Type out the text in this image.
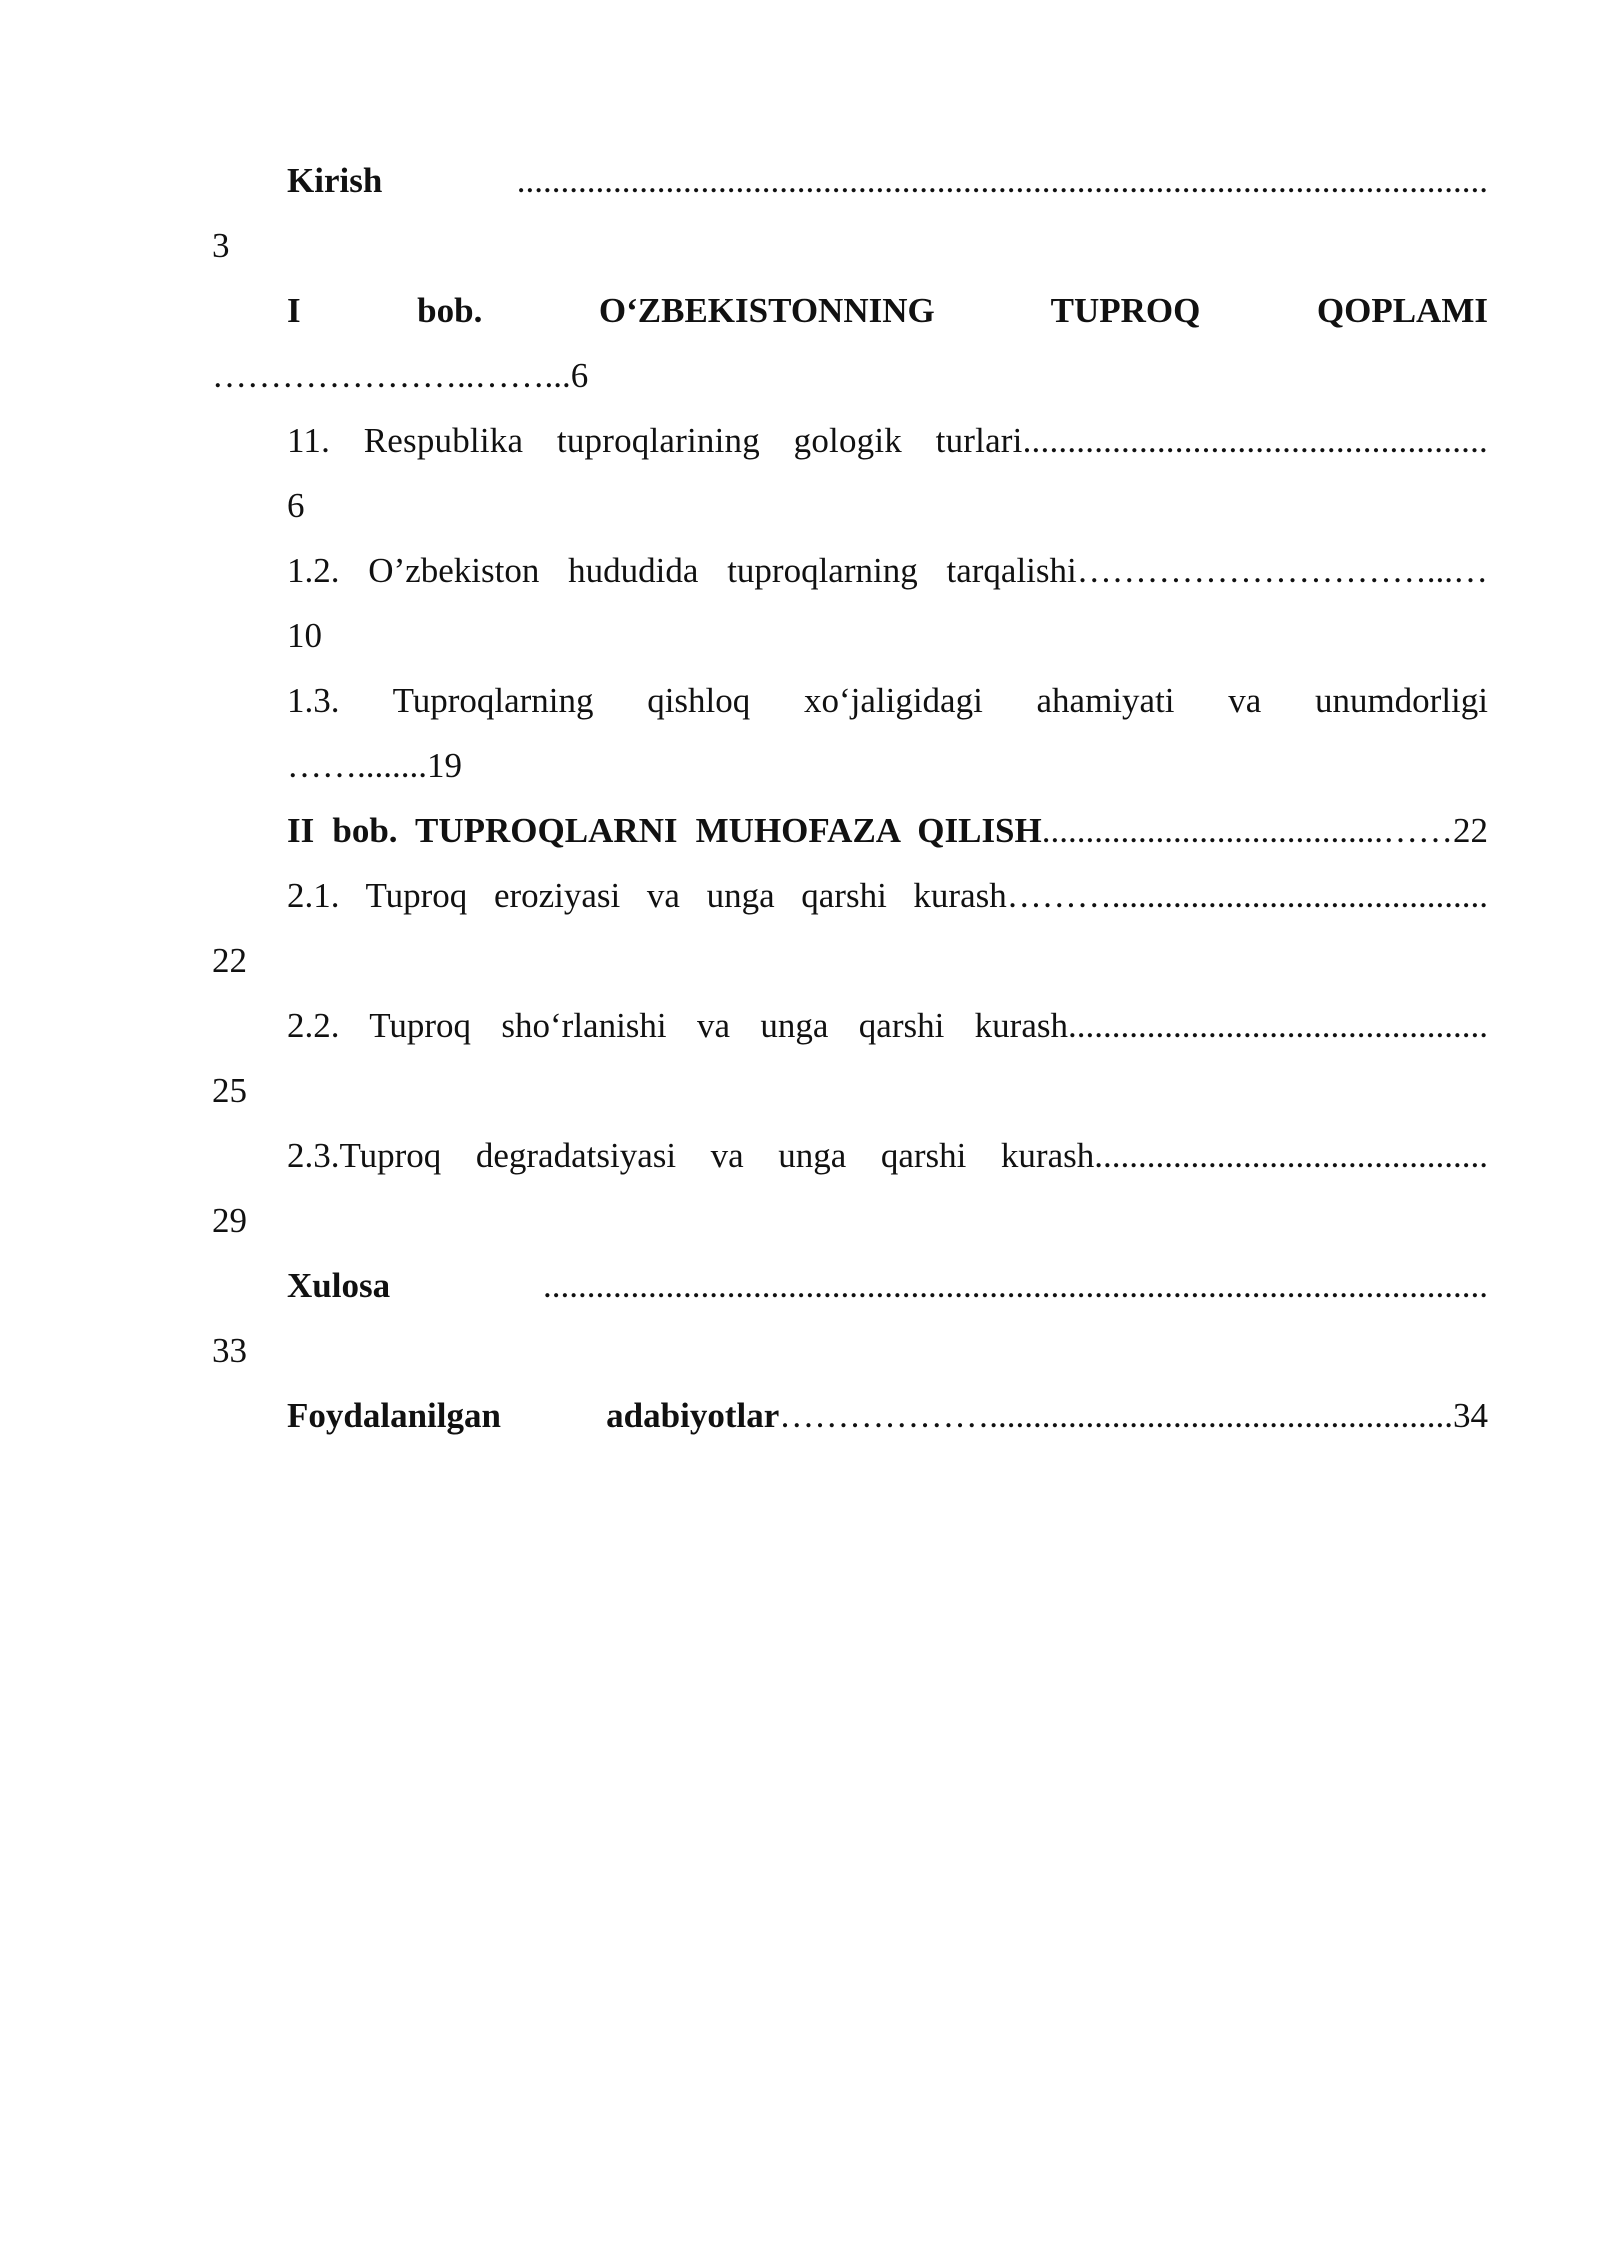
Kirish	...............................................................................................................
3
I bob. O‘ZBEKISTONNING TUPROQ QOPLAMI
…………………..……...6
11. Respublika tuproqlarining gologik turlari....................................................
6
1.2. O’zbekiston hududida tuproqlarning tarqalishi…………………………...…
10
1.3. Tuproqlarning qishloq xo‘jaligidagi ahamiyati va unumdorligi
……........19
II bob. TUPROQLARNI MUHOFAZA QILISH.......................................……22
2.1. Tuproq eroziyasi va unga qarshi kurash………...........................................
22
2.2. Tuproq sho‘rlanishi va unga qarshi kurash................................................
25
2.3.Tuproq degradatsiyasi va unga qarshi kurash.............................................
29
Xulosa	............................................................................................................
33
Foydalanilgan adabiyotlar……………….....................................................34
